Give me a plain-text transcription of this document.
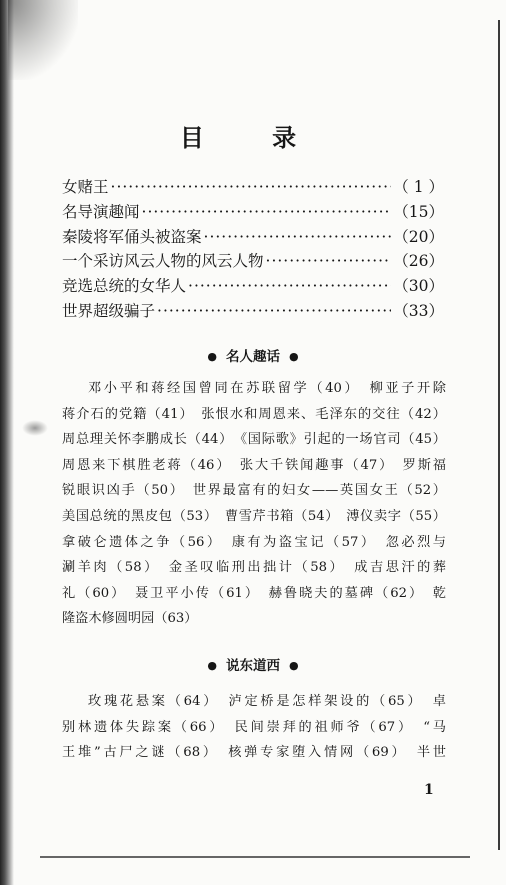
目 录
女赌王 ·····	（ 1 ）
名导演趣闻 ·····	（15）
秦陵将军俑头被盗案 ·····	（20）
一个采访风云人物的风云人物 ·····	（26）
竞选总统的女华人 ·····	（30）
世界超级骗子 ·····	（33）
● 名人趣话 ●
邓小平和蒋经国曾同在苏联留学（40）　柳亚子开除
蒋介石的党籍（41）　张恨水和周恩来、毛泽东的交往（42）
周总理关怀李鹏成长（44）　《国际歌》引起的一场官司（45）
周恩来下棋胜老蒋（46）　张大千铁闻趣事（47）　罗斯福
锐眼识凶手（50）　世界最富有的妇女——英国女王（52）
美国总统的黑皮包（53）　曹雪芹书箱（54）　溥仪卖字（55）
拿破仑遗体之争（56）　康有为盗宝记（57）　忽必烈与
涮羊肉（58）　金圣叹临刑出拙计（58）　成吉思汗的葬
礼（60）　聂卫平小传（61）　赫鲁晓夫的墓碑（62）　乾
隆盗木修圆明园（63）
● 说东道西 ●
玫瑰花悬案（64）　泸定桥是怎样架设的（65）　卓
别林遗体失踪案（66）　民间崇拜的祖师爷（67）　“马
王堆”古尸之谜（68）　核弹专家堕入情网（69）　半世
1
